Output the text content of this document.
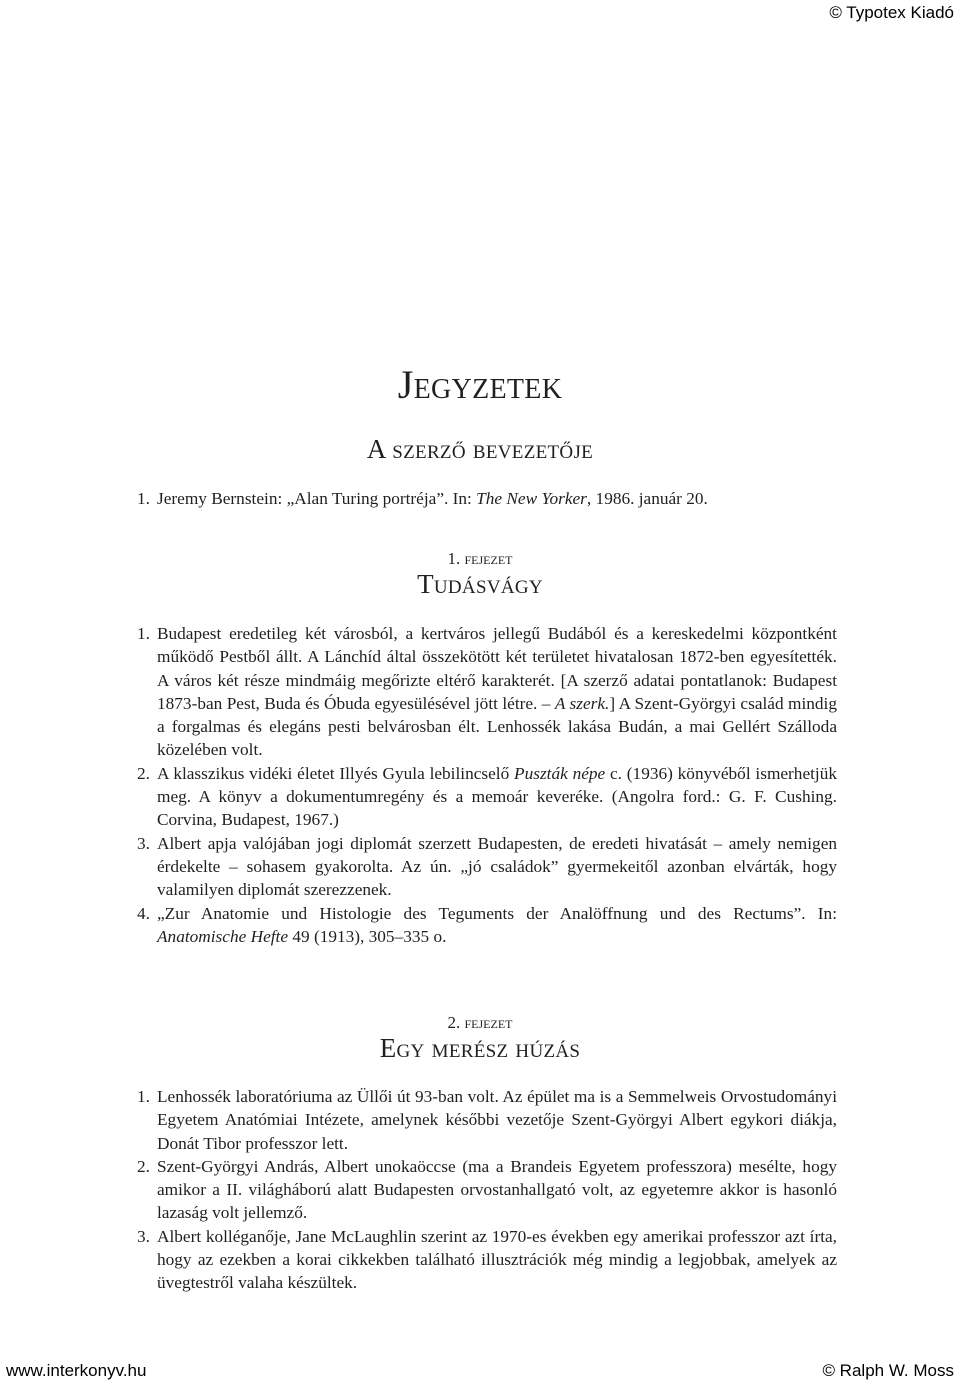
© Typotex Kiadó
Jegyzetek
A szerző bevezetője
1. Jeremy Bernstein: „Alan Turing portréja”. In: The New Yorker, 1986. január 20.

1. fejezet

Tudásvágy
1. Budapest eredetileg két városból, a kertváros jellegű Budából és a kereskedelmi központként működő Pestből állt. A Lánchíd által összekötött két területet hivatalosan 1872-ben egyesítették. A város két része mindmáig megőrizte eltérő karakterét. [A szerző adatai pontatlanok: Budapest 1873-ban Pest, Buda és Óbuda egyesülésével jött létre. – A szerk.] A Szent-Györgyi család mindig a forgalmas és elegáns pesti belvárosban élt. Lenhossék lakása Budán, a mai Gellért Szálloda közelében volt.
2. A klasszikus vidéki életet Illyés Gyula lebilincselő Puszták népe c. (1936) könyvéből ismerhetjük meg. A könyv a dokumentumregény és a memoár keveréke. (Angolra ford.: G. F. Cushing. Corvina, Budapest, 1967.)
3. Albert apja valójában jogi diplomát szerzett Budapesten, de eredeti hivatását – amely nemigen érdekelte – sohasem gyakorolta. Az ún. „jó családok” gyermekeitől azonban elvárták, hogy valamilyen diplomát szerezzenek.
4. „Zur Anatomie und Histologie des Teguments der Analöffnung und des Rectums”. In: Anatomische Hefte 49 (1913), 305–335 o.

2. fejezet

Egy merész húzás
1. Lenhossék laboratóriuma az Üllői út 93-ban volt. Az épület ma is a Semmelweis Orvostudományi Egyetem Anatómiai Intézete, amelynek későbbi vezetője Szent-Györgyi Albert egykori diákja, Donát Tibor professzor lett.
2. Szent-Györgyi András, Albert unokaöccse (ma a Brandeis Egyetem professzora) mesélte, hogy amikor a II. világháború alatt Budapesten orvostanhallgató volt, az egyetemre akkor is hasonló lazaság volt jellemző.
3. Albert kolléganője, Jane McLaughlin szerint az 1970-es években egy amerikai professzor azt írta, hogy az ezekben a korai cikkekben található illusztrációk még mindig a legjobbak, amelyek az üvegtestről valaha készültek.
www.interkonyv.hu	© Ralph W. Moss
